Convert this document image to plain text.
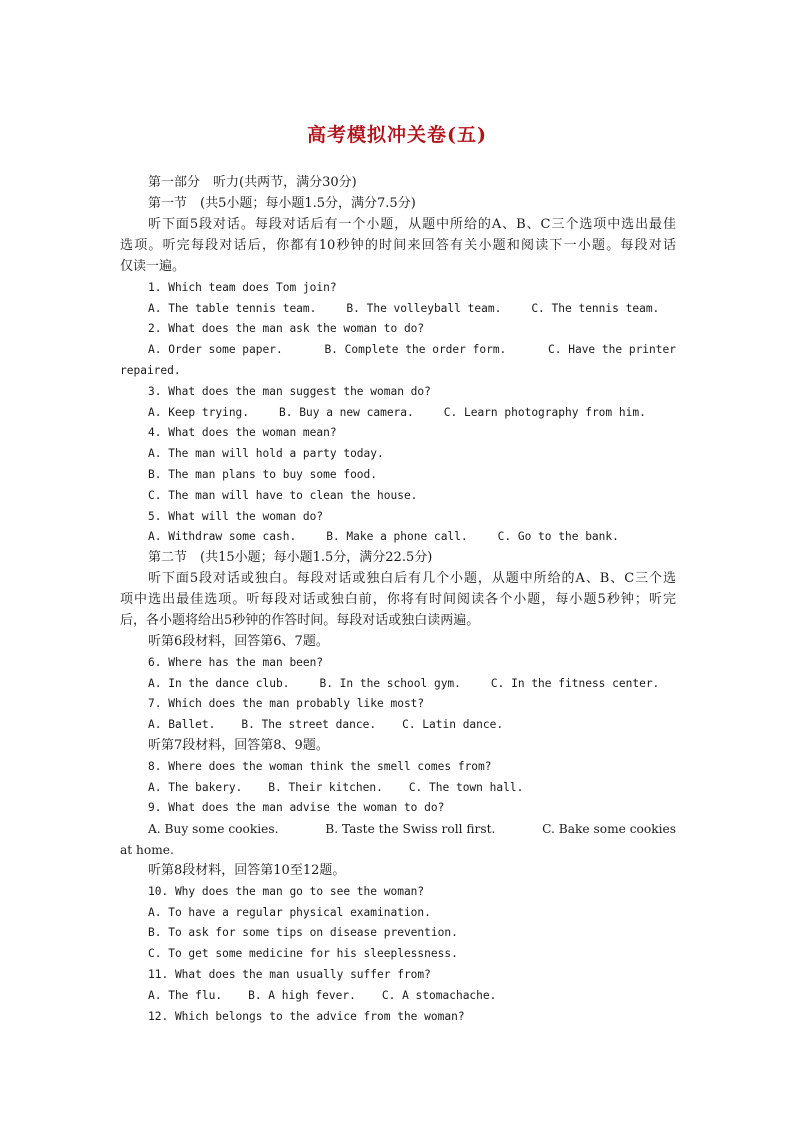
高考模拟冲关卷(五)
第一部分　听力(共两节，满分30分)
第一节　(共5小题；每小题1.5分，满分7.5分)
听下面5段对话。每段对话后有一个小题，从题中所给的A、B、C三个选项中选出最佳
选项。听完每段对话后，你都有10秒钟的时间来回答有关小题和阅读下一小题。每段对话
仅读一遍。
1. Which team does Tom join?
A. The table tennis team.	B. The volleyball team.	C. The tennis team.
2. What does the man ask the woman to do?
A. Order some paper.	B. Complete the order form.	C. Have the printer
repaired.
3. What does the man suggest the woman do?
A. Keep trying.	B. Buy a new camera.	C. Learn photography from him.
4. What does the woman mean?
A. The man will hold a party today.
B. The man plans to buy some food.
C. The man will have to clean the house.
5. What will the woman do?
A. Withdraw some cash.	B. Make a phone call.	C. Go to the bank.
第二节　(共15小题；每小题1.5分，满分22.5分)
听下面5段对话或独白。每段对话或独白后有几个小题，从题中所给的A、B、C三个选
项中选出最佳选项。听每段对话或独白前，你将有时间阅读各个小题，每小题5秒钟；听完
后，各小题将给出5秒钟的作答时间。每段对话或独白读两遍。
听第6段材料，回答第6、7题。
6. Where has the man been?
A. In the dance club.	B. In the school gym.	C. In the fitness center.
7. Which does the man probably like most?
A. Ballet. B. The street dance. C. Latin dance.
听第7段材料，回答第8、9题。
8. Where does the woman think the smell comes from?
A. The bakery. B. Their kitchen. C. The town hall.
9. What does the man advise the woman to do?
A. Buy some cookies.	B. Taste the Swiss roll first.	C. Bake some cookies
at home.
听第8段材料，回答第10至12题。
10. Why does the man go to see the woman?
A. To have a regular physical examination.
B. To ask for some tips on disease prevention.
C. To get some medicine for his sleeplessness.
11. What does the man usually suffer from?
A. The flu. B. A high fever. C. A stomachache.
12. Which belongs to the advice from the woman?
